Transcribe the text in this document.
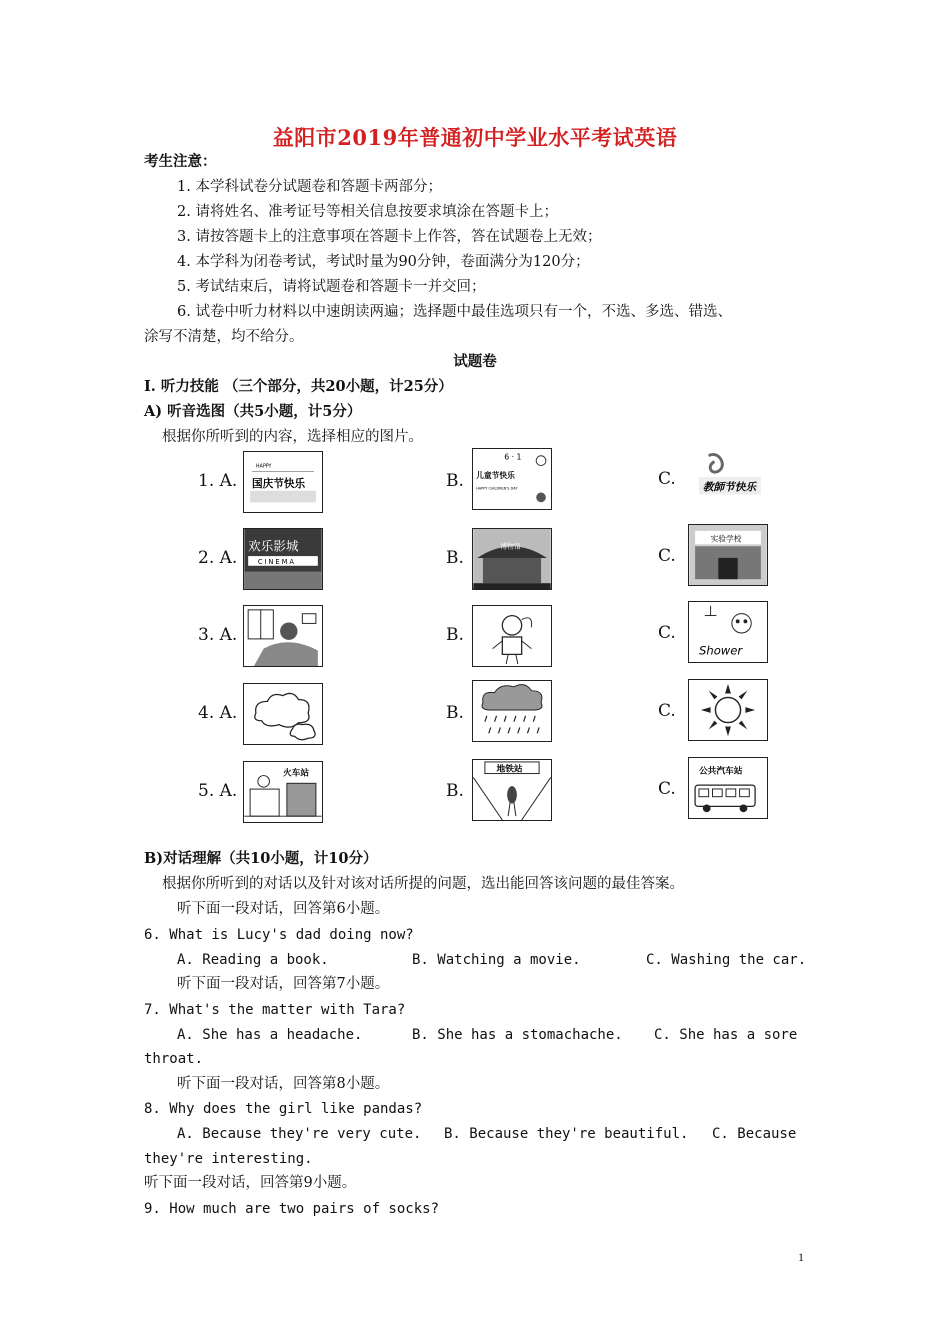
益阳市2019年普通初中学业水平考试英语
考生注意：
1. 本学科试卷分试题卷和答题卡两部分；
2. 请将姓名、准考证号等相关信息按要求填涂在答题卡上；
3. 请按答题卡上的注意事项在答题卡上作答，答在试题卷上无效；
4. 本学科为闭卷考试，考试时量为90分钟，卷面满分为120分；
5. 考试结束后，请将试题卷和答题卡一并交回；
6. 试卷中听力材料以中速朗读两遍；选择题中最佳选项只有一个，不选、多选、错选、
涂写不清楚，均不给分。
试题卷
I. 听力技能 （三个部分，共20小题，计25分）
A) 听音选图（共5小题，计5分）
根据你所听到的内容，选择相应的图片。
1. A.
HAPPY
国庆节快乐	B.
6 · 1
儿童节快乐
HAPPY CHILDREN'S DAY	C. 教師节快乐
2. A.
欢乐影城
CINEMA	B.
博物馆	C.
实验学校
3. A.	B.	C.
Shower
4. A.	B.	C.
5. A.
火车站
B.
地铁站
C.
公共汽车站
B)对话理解（共10小题，计10分）
根据你所听到的对话以及针对该对话所提的问题，选出能回答该问题的最佳答案。
听下面一段对话，回答第6小题。
6. What is Lucy's dad doing now?
A. Reading a book.	B. Watching a movie.	C. Washing the car.
听下面一段对话，回答第7小题。
7. What's the matter with Tara?
A. She has a headache.	B. She has a stomachache. C. She has a sore
throat.
听下面一段对话，回答第8小题。
8. Why does the girl like pandas?
A. Because they're very cute. B. Because they're beautiful. C. Because
they're interesting.
听下面一段对话，回答第9小题。
9. How much are two pairs of socks?
1
